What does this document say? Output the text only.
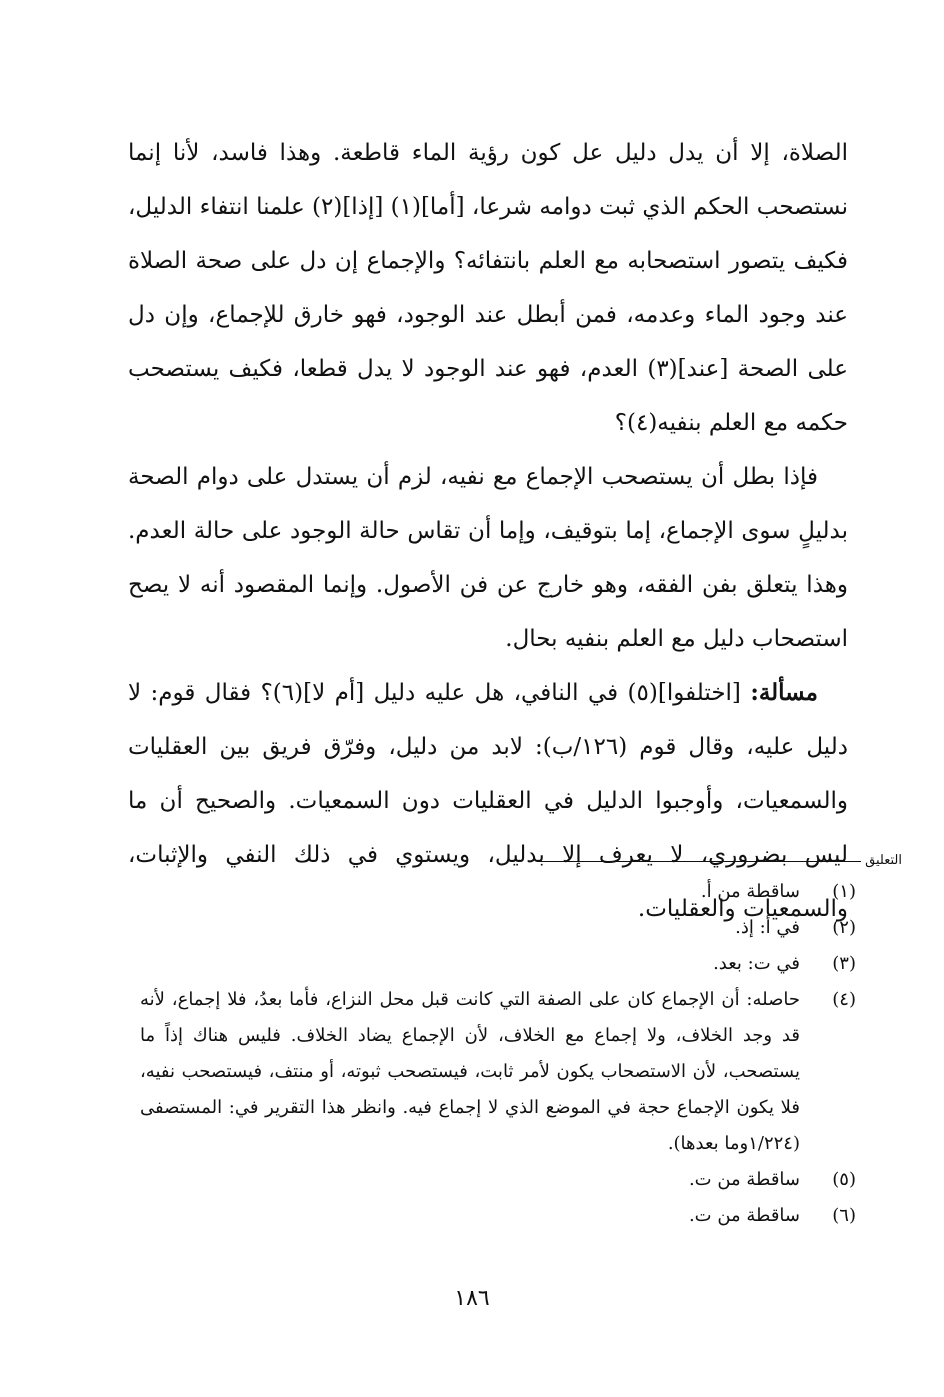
الصلاة، إلا أن يدل دليل عل كون رؤية الماء قاطعة. وهذا فاسد، لأنا إنما نستصحب الحكم الذي ثبت دوامه شرعا، [أما](١) [إذا](٢) علمنا انتفاء الدليل، فكيف يتصور استصحابه مع العلم بانتفائه؟ والإجماع إن دل على صحة الصلاة عند وجود الماء وعدمه، فمن أبطل عند الوجود، فهو خارق للإجماع، وإن دل على الصحة [عند](٣) العدم، فهو عند الوجود لا يدل قطعا، فكيف يستصحب حكمه مع العلم بنفيه(٤)؟

فإذا بطل أن يستصحب الإجماع مع نفيه، لزم أن يستدل على دوام الصحة بدليلٍ سوى الإجماع، إما بتوقيف، وإما أن تقاس حالة الوجود على حالة العدم. وهذا يتعلق بفن الفقه، وهو خارج عن فن الأصول. وإنما المقصود أنه لا يصح استصحاب دليل مع العلم بنفيه بحال.

مسألة: [اختلفوا](٥) في النافي، هل عليه دليل [أم لا](٦)؟ فقال قوم: لا دليل عليه، وقال قوم (١٢٦/ب): لابد من دليل، وفرّق فريق بين العقليات والسمعيات، وأوجبوا الدليل في العقليات دون السمعيات. والصحيح أن ما ليس بضروري، لا يعرف إلا بدليل، ويستوي في ذلك النفي والإثبات، والسمعيات والعقليات.

التعليق
(١)
ساقطة من أ.
(٢)
في أ: إذ.
(٣)
في ت: بعد.
(٤)
حاصله: أن الإجماع كان على الصفة التي كانت قبل محل النزاع، فأما بعدُ، فلا إجماع، لأنه قد وجد الخلاف، ولا إجماع مع الخلاف، لأن الإجماع يضاد الخلاف. فليس هناك إذاً ما يستصحب، لأن الاستصحاب يكون لأمر ثابت، فيستصحب ثبوته، أو منتف، فيستصحب نفيه، فلا يكون الإجماع حجة في الموضع الذي لا إجماع فيه. وانظر هذا التقرير في: المستصفى (١/٢٢٤وما بعدها).
(٥)
ساقطة من ت.
(٦)
ساقطة من ت.
١٨٦
